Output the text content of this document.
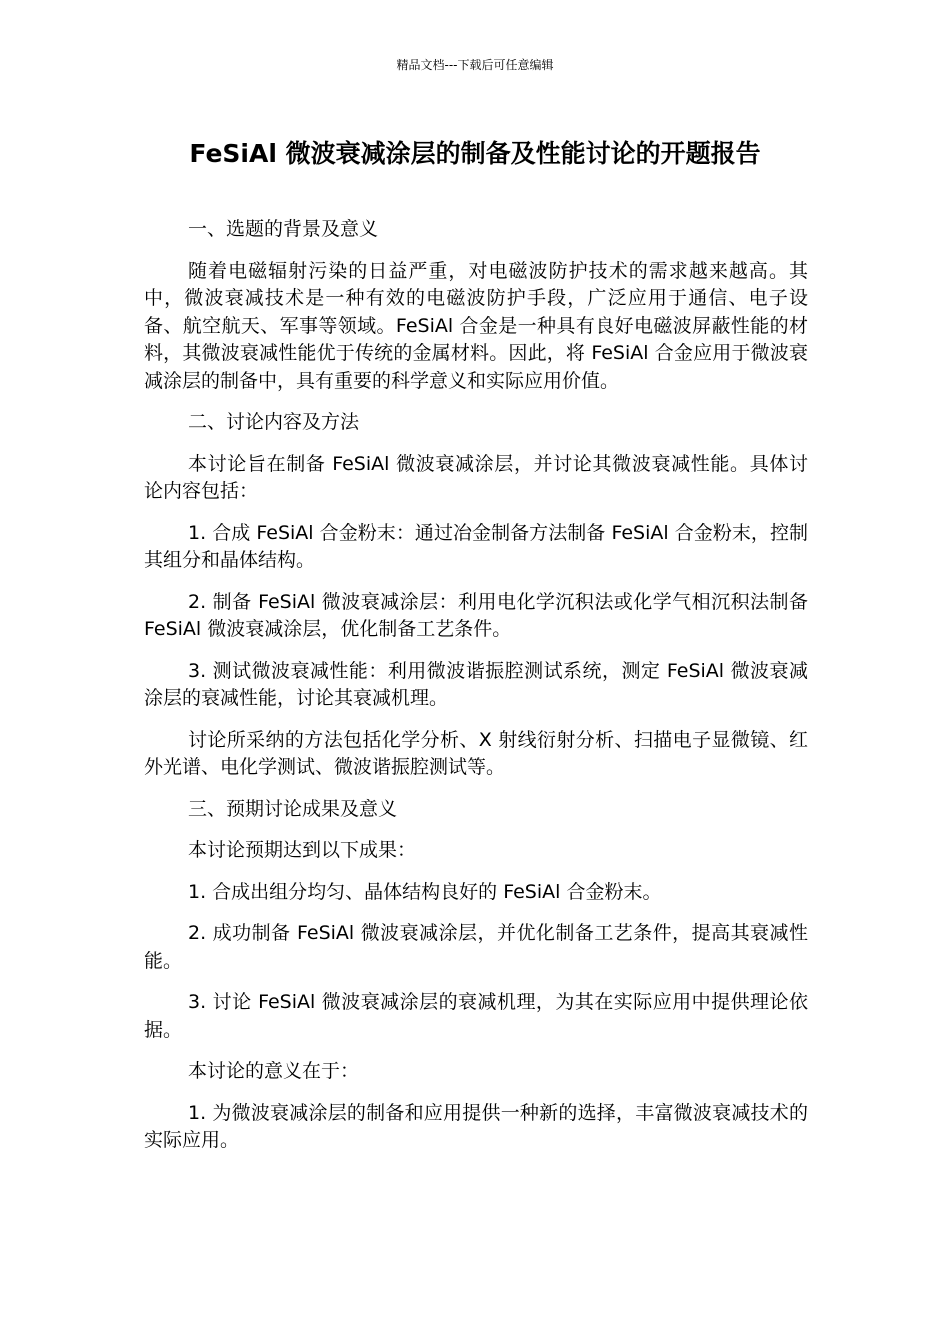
精品文档---下载后可任意编辑
FeSiAl 微波衰减涂层的制备及性能讨论的开题报告

一、选题的背景及意义

随着电磁辐射污染的日益严重，对电磁波防护技术的需求越来越高。其中，微波衰减技术是一种有效的电磁波防护手段，广泛应用于通信、电子设备、航空航天、军事等领域。FeSiAl 合金是一种具有良好电磁波屏蔽性能的材料，其微波衰减性能优于传统的金属材料。因此，将 FeSiAl 合金应用于微波衰减涂层的制备中，具有重要的科学意义和实际应用价值。

二、讨论内容及方法

本讨论旨在制备 FeSiAl 微波衰减涂层，并讨论其微波衰减性能。具体讨论内容包括：

1. 合成 FeSiAl 合金粉末：通过冶金制备方法制备 FeSiAl 合金粉末，控制其组分和晶体结构。

2. 制备 FeSiAl 微波衰减涂层：利用电化学沉积法或化学气相沉积法制备 FeSiAl 微波衰减涂层，优化制备工艺条件。

3. 测试微波衰减性能：利用微波谐振腔测试系统，测定 FeSiAl 微波衰减涂层的衰减性能，讨论其衰减机理。

讨论所采纳的方法包括化学分析、X 射线衍射分析、扫描电子显微镜、红外光谱、电化学测试、微波谐振腔测试等。

三、预期讨论成果及意义

本讨论预期达到以下成果：

1. 合成出组分均匀、晶体结构良好的 FeSiAl 合金粉末。

2. 成功制备 FeSiAl 微波衰减涂层，并优化制备工艺条件，提高其衰减性能。

3. 讨论 FeSiAl 微波衰减涂层的衰减机理，为其在实际应用中提供理论依据。

本讨论的意义在于：

1. 为微波衰减涂层的制备和应用提供一种新的选择，丰富微波衰减技术的实际应用。
